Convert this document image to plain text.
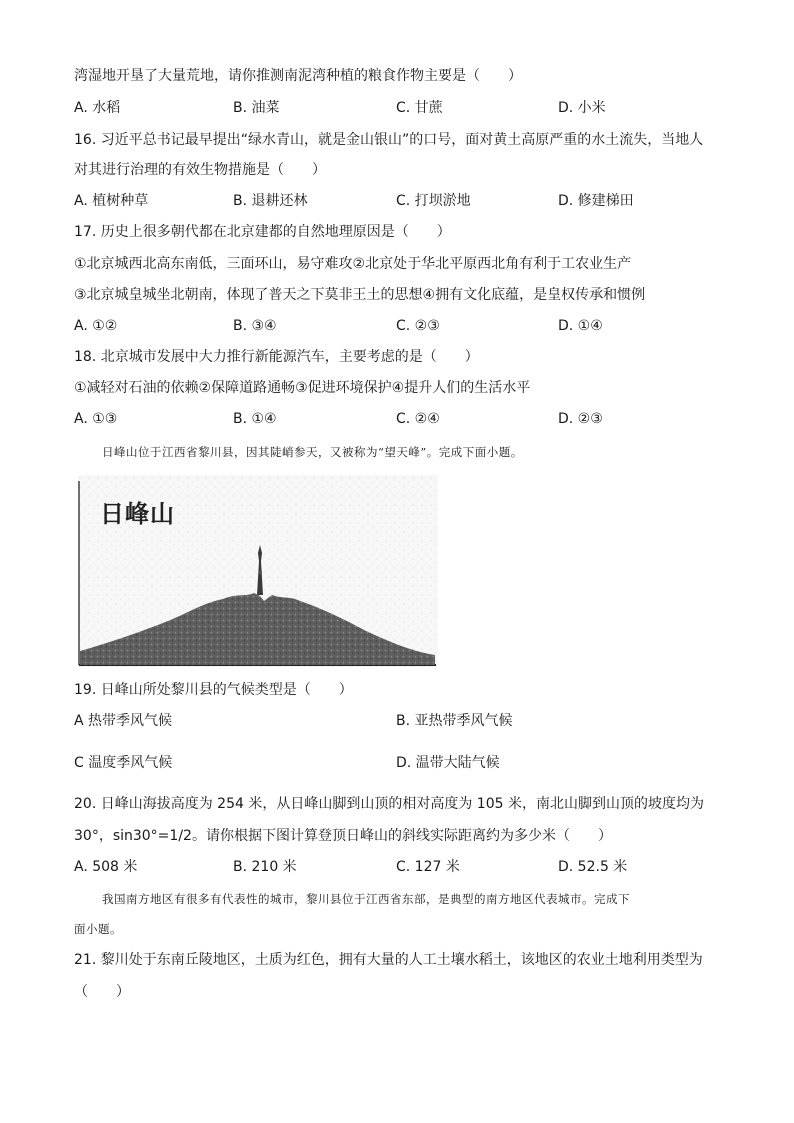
湾湿地开垦了大量荒地，请你推测南泥湾种植的粮食作物主要是（　　）
A. 水稻	B. 油菜	C. 甘蔗	D. 小米
16. 习近平总书记最早提出“绿水青山，就是金山银山”的口号，面对黄土高原严重的水土流失，当地人
对其进行治理的有效生物措施是（　　）
A. 植树种草	B. 退耕还林	C. 打坝淤地	D. 修建梯田
17. 历史上很多朝代都在北京建都的自然地理原因是（　　）
①北京城西北高东南低，三面环山，易守难攻②北京处于华北平原西北角有利于工农业生产
③北京城皇城坐北朝南，体现了普天之下莫非王土的思想④拥有文化底蕴，是皇权传承和惯例
A. ①②	B. ③④	C. ②③	D. ①④
18. 北京城市发展中大力推行新能源汽车，主要考虑的是（　　）
①减轻对石油的依赖②保障道路通畅③促进环境保护④提升人们的生活水平
A. ①③	B. ①④	C. ②④	D. ②③
日峰山位于江西省黎川县，因其陡峭参天，又被称为“望天峰”。完成下面小题。
日峰山
19. 日峰山所处黎川县的气候类型是（　　）
A 热带季风气候	B. 亚热带季风气候
C 温度季风气候	D. 温带大陆气候
20. 日峰山海拔高度为 254 米，从日峰山脚到山顶的相对高度为 105 米，南北山脚到山顶的坡度均为
30°，sin30°=1/2。请你根据下图计算登顶日峰山的斜线实际距离约为多少米（　　）
A. 508 米	B. 210 米	C. 127 米	D. 52.5 米
我国南方地区有很多有代表性的城市，黎川县位于江西省东部，是典型的南方地区代表城市。完成下
面小题。
21. 黎川处于东南丘陵地区，土质为红色，拥有大量的人工土壤水稻土，该地区的农业土地利用类型为
（　　）
